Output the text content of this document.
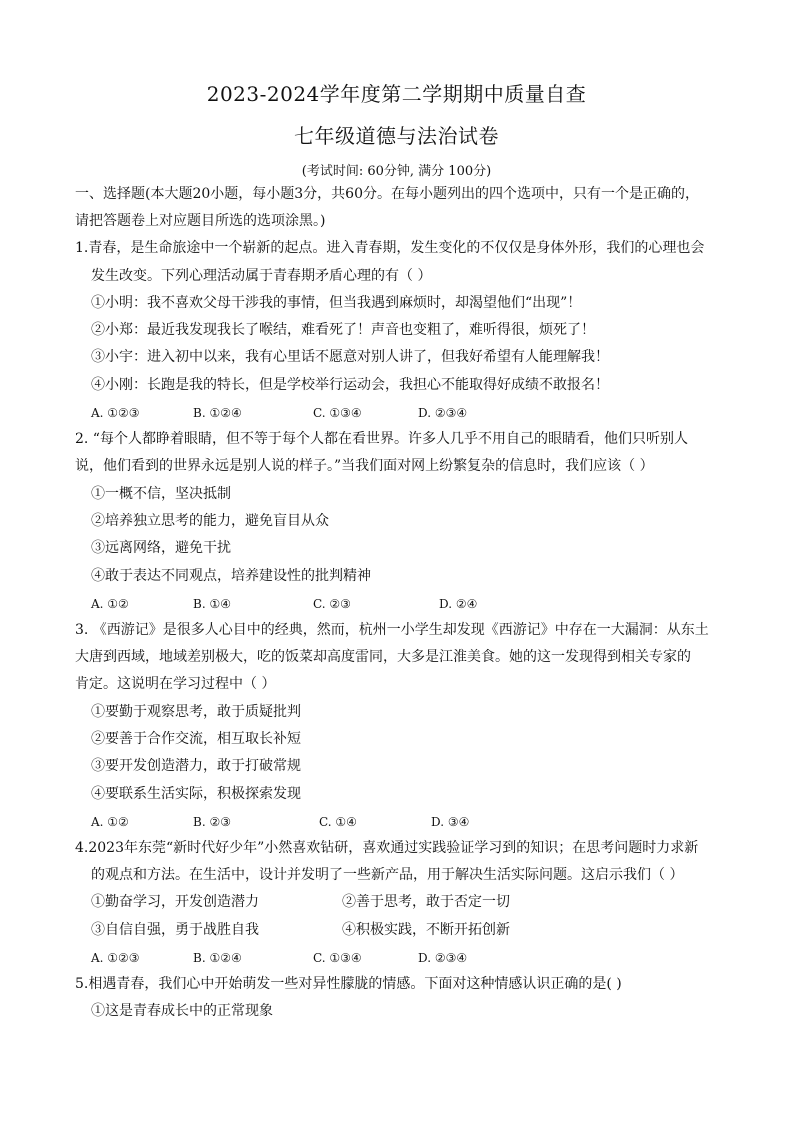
2023-2024学年度第二学期期中质量自查
七年级道德与法治试卷
(考试时间: 60分钟, 满分 100分)
一、选择题(本大题20小题，每小题3分，共60分。在每小题列出的四个选项中，只有一个是正确的，
请把答题卷上对应题目所选的选项涂黑。)
1.青春，是生命旅途中一个崭新的起点。进入青春期，发生变化的不仅仅是身体外形，我们的心理也会
发生改变。下列心理活动属于青春期矛盾心理的有（ ）
①小明：我不喜欢父母干涉我的事情，但当我遇到麻烦时，却渴望他们“出现”！
②小郑：最近我发现我长了喉结，难看死了！声音也变粗了，难听得很，烦死了！
③小宇：进入初中以来，我有心里话不愿意对别人讲了，但我好希望有人能理解我！
④小刚：长跑是我的特长，但是学校举行运动会，我担心不能取得好成绩不敢报名！
A. ①②③	B. ①②④	C. ①③④	D. ②③④
2. “每个人都睁着眼睛，但不等于每个人都在看世界。许多人几乎不用自己的眼睛看，他们只听别人
说，他们看到的世界永远是别人说的样子。”当我们面对网上纷繁复杂的信息时，我们应该（ ）
①一概不信，坚决抵制
②培养独立思考的能力，避免盲目从众
③远离网络，避免干扰
④敢于表达不同观点，培养建设性的批判精神
A. ①②	B. ①④	C. ②③	D. ②④
3. 《西游记》是很多人心目中的经典，然而，杭州一小学生却发现《西游记》中存在一大漏洞：从东土
大唐到西域，地域差别极大，吃的饭菜却高度雷同，大多是江淮美食。她的这一发现得到相关专家的
肯定。这说明在学习过程中（ ）
①要勤于观察思考，敢于质疑批判
②要善于合作交流，相互取长补短
③要开发创造潜力，敢于打破常规
④要联系生活实际，积极探索发现
A. ①②	B. ②③	C. ①④	D. ③④
4.2023年东莞“新时代好少年”小然喜欢钻研，喜欢通过实践验证学习到的知识；在思考问题时力求新
的观点和方法。在生活中，设计并发明了一些新产品，用于解决生活实际问题。这启示我们（ ）
①勤奋学习，开发创造潜力	②善于思考，敢于否定一切
③自信自强，勇于战胜自我	④积极实践，不断开拓创新
A. ①②③	B. ①②④	C. ①③④	D. ②③④
5.相遇青春，我们心中开始萌发一些对异性朦胧的情感。下面对这种情感认识正确的是( )
①这是青春成长中的正常现象
